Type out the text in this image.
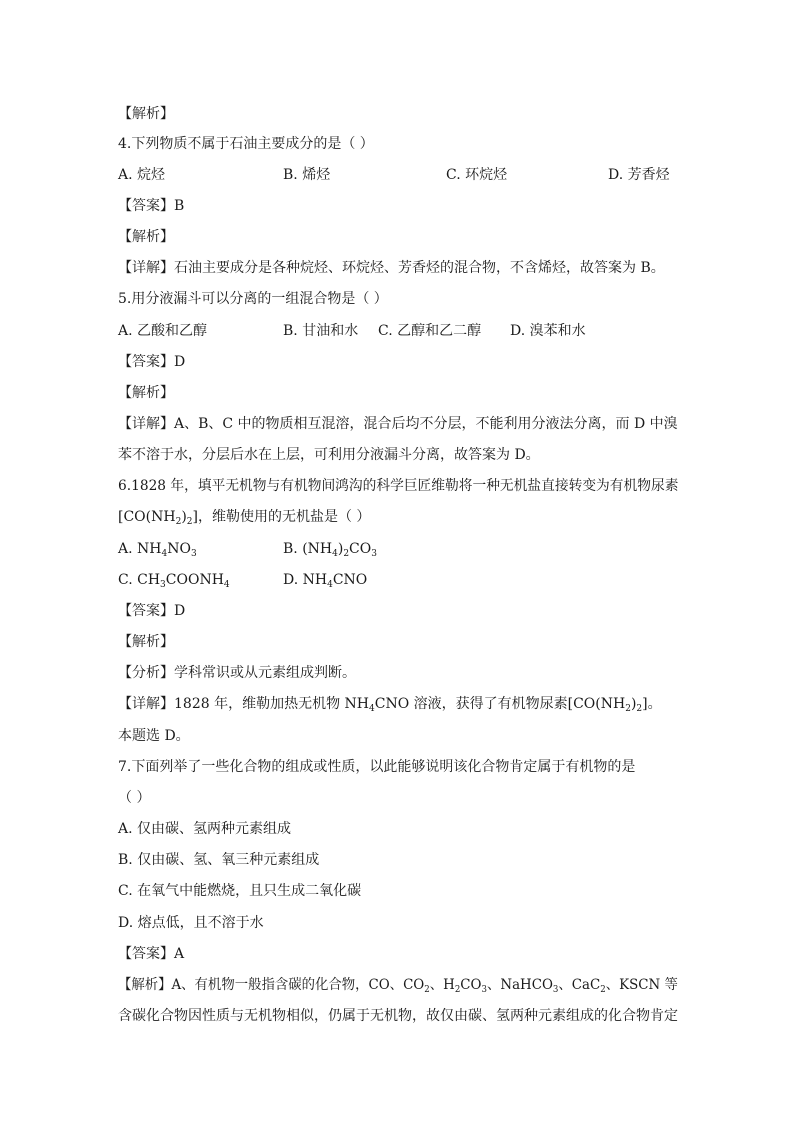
【解析】
4.下列物质不属于石油主要成分的是（ ）
A. 烷烃	B. 烯烃	C. 环烷烃	D. 芳香烃
【答案】B
【解析】
【详解】石油主要成分是各种烷烃、环烷烃、芳香烃的混合物，不含烯烃，故答案为 B。
5.用分液漏斗可以分离的一组混合物是（ ）
A. 乙酸和乙醇	B. 甘油和水 C. 乙醇和乙二醇 D. 溴苯和水
【答案】D
【解析】
【详解】A、B、C 中的物质相互混溶，混合后均不分层，不能利用分液法分离，而 D 中溴
苯不溶于水，分层后水在上层，可利用分液漏斗分离，故答案为 D。
6.1828 年，填平无机物与有机物间鸿沟的科学巨匠维勒将一种无机盐直接转变为有机物尿素
$[CO(NH_2)_2]$，维勒使用的无机盐是（ ）
A. $NH_4NO_3$	B. $(NH_4)_2CO_3$
C. $CH_3COONH_4$	D. $NH_4CNO$
【答案】D
【解析】
【分析】学科常识或从元素组成判断。
【详解】1828 年，维勒加热无机物 $NH_4CNO$ 溶液，获得了有机物尿素$[CO(NH_2)_2]$。
本题选 D。
7.下面列举了一些化合物的组成或性质，以此能够说明该化合物肯定属于有机物的是
（ ）
A. 仅由碳、氢两种元素组成
B. 仅由碳、氢、氧三种元素组成
C. 在氧气中能燃烧，且只生成二氧化碳
D. 熔点低，且不溶于水
【答案】A
【解析】A、有机物一般指含碳的化合物，CO、$CO_2$、$H_2CO_3$、NaHCO$_3$、CaC$_2$、KSCN 等
含碳化合物因性质与无机物相似，仍属于无机物，故仅由碳、氢两种元素组成的化合物肯定
